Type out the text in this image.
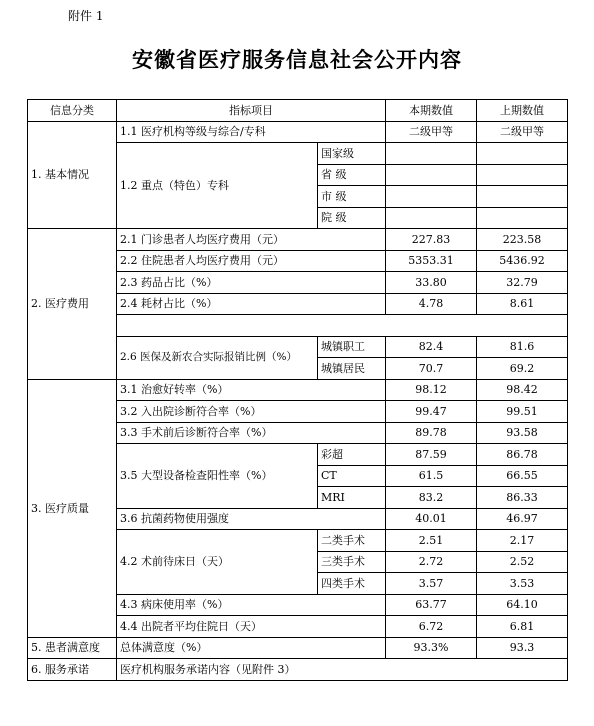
附件 1
安徽省医疗服务信息社会公开内容
信息分类	指标项目		本期数值	上期数值
1. 基本情况	1.1 医疗机构等级与综合/专科		二级甲等	二级甲等
	1.2 重点（特色）专科	国家级		
		省 级		
		市 级		
		院 级		
2. 医疗费用	2.1 门诊患者人均医疗费用（元）		227.83	223.58
	2.2 住院患者人均医疗费用（元）		5353.31	5436.92
	2.3 药品占比（%）		33.80	32.79
	2.4 耗材占比（%）		4.78	8.61

	2.6 医保及新农合实际报销比例（%）	城镇职工	82.4	81.6
		城镇居民	70.7	69.2
3. 医疗质量	3.1 治愈好转率（%）		98.12	98.42
	3.2 入出院诊断符合率（%）		99.47	99.51
	3.3 手术前后诊断符合率（%）		89.78	93.58
	3.5 大型设备检查阳性率（%）	彩超	87.59	86.78
		CT	61.5	66.55
		MRI	83.2	86.33
	3.6 抗菌药物使用强度		40.01	46.97
	4.2 术前待床日（天）	二类手术	2.51	2.17
		三类手术	2.72	2.52
		四类手术	3.57	3.53
	4.3 病床使用率（%）		63.77	64.10
	4.4 出院者平均住院日（天）		6.72	6.81
5. 患者满意度	总体满意度（%）		93.3%	93.3
6. 服务承诺	医疗机构服务承诺内容（见附件 3）			
